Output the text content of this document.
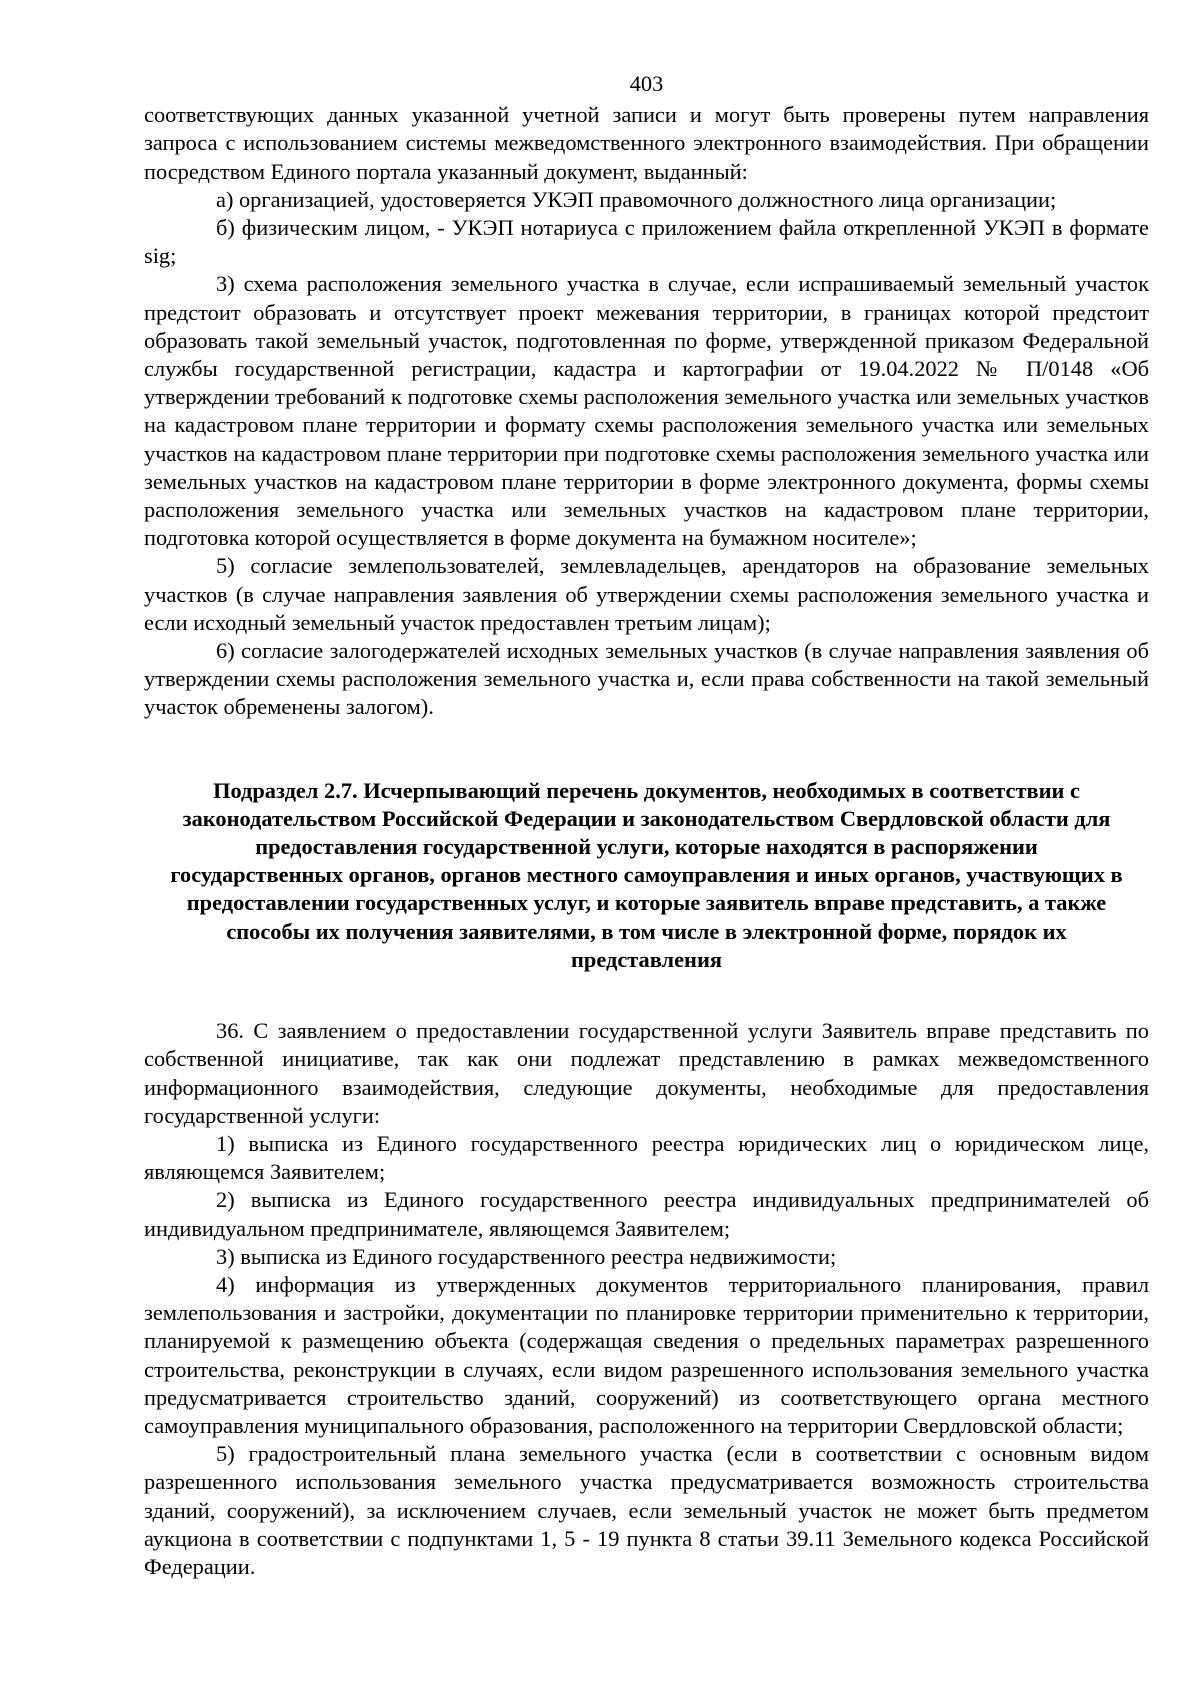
403

соответствующих данных указанной учетной записи и могут быть проверены путем направления запроса с использованием системы межведомственного электронного взаимодействия. При обращении посредством Единого портала указанный документ, выданный:

а) организацией, удостоверяется УКЭП правомочного должностного лица организации;

б) физическим лицом, - УКЭП нотариуса с приложением файла открепленной УКЭП в формате sig;

3) схема расположения земельного участка в случае, если испрашиваемый земельный участок предстоит образовать и отсутствует проект межевания территории, в границах которой предстоит образовать такой земельный участок, подготовленная по форме, утвержденной приказом Федеральной службы государственной регистрации, кадастра и картографии от 19.04.2022 № П/0148 «Об утверждении требований к подготовке схемы расположения земельного участка или земельных участков на кадастровом плане территории и формату схемы расположения земельного участка или земельных участков на кадастровом плане территории при подготовке схемы расположения земельного участка или земельных участков на кадастровом плане территории в форме электронного документа, формы схемы расположения земельного участка или земельных участков на кадастровом плане территории, подготовка которой осуществляется в форме документа на бумажном носителе»;

5) согласие землепользователей, землевладельцев, арендаторов на образование земельных участков (в случае направления заявления об утверждении схемы расположения земельного участка и если исходный земельный участок предоставлен третьим лицам);

6) согласие залогодержателей исходных земельных участков (в случае направления заявления об утверждении схемы расположения земельного участка и, если права собственности на такой земельный участок обременены залогом).

Подраздел 2.7. Исчерпывающий перечень документов, необходимых в соответствии с законодательством Российской Федерации и законодательством Свердловской области для предоставления государственной услуги, которые находятся в распоряжении государственных органов, органов местного самоуправления и иных органов, участвующих в предоставлении государственных услуг, и которые заявитель вправе представить, а также способы их получения заявителями, в том числе в электронной форме, порядок их представления

36. С заявлением о предоставлении государственной услуги Заявитель вправе представить по собственной инициативе, так как они подлежат представлению в рамках межведомственного информационного взаимодействия, следующие документы, необходимые для предоставления государственной услуги:

1) выписка из Единого государственного реестра юридических лиц о юридическом лице, являющемся Заявителем;

2) выписка из Единого государственного реестра индивидуальных предпринимателей об индивидуальном предпринимателе, являющемся Заявителем;

3) выписка из Единого государственного реестра недвижимости;

4) информация из утвержденных документов территориального планирования, правил землепользования и застройки, документации по планировке территории применительно к территории, планируемой к размещению объекта (содержащая сведения о предельных параметрах разрешенного строительства, реконструкции в случаях, если видом разрешенного использования земельного участка предусматривается строительство зданий, сооружений) из соответствующего органа местного самоуправления муниципального образования, расположенного на территории Свердловской области;

5) градостроительный плана земельного участка (если в соответствии с основным видом разрешенного использования земельного участка предусматривается возможность строительства зданий, сооружений), за исключением случаев, если земельный участок не может быть предметом аукциона в соответствии с подпунктами 1, 5 - 19 пункта 8 статьи 39.11 Земельного кодекса Российской Федерации.
